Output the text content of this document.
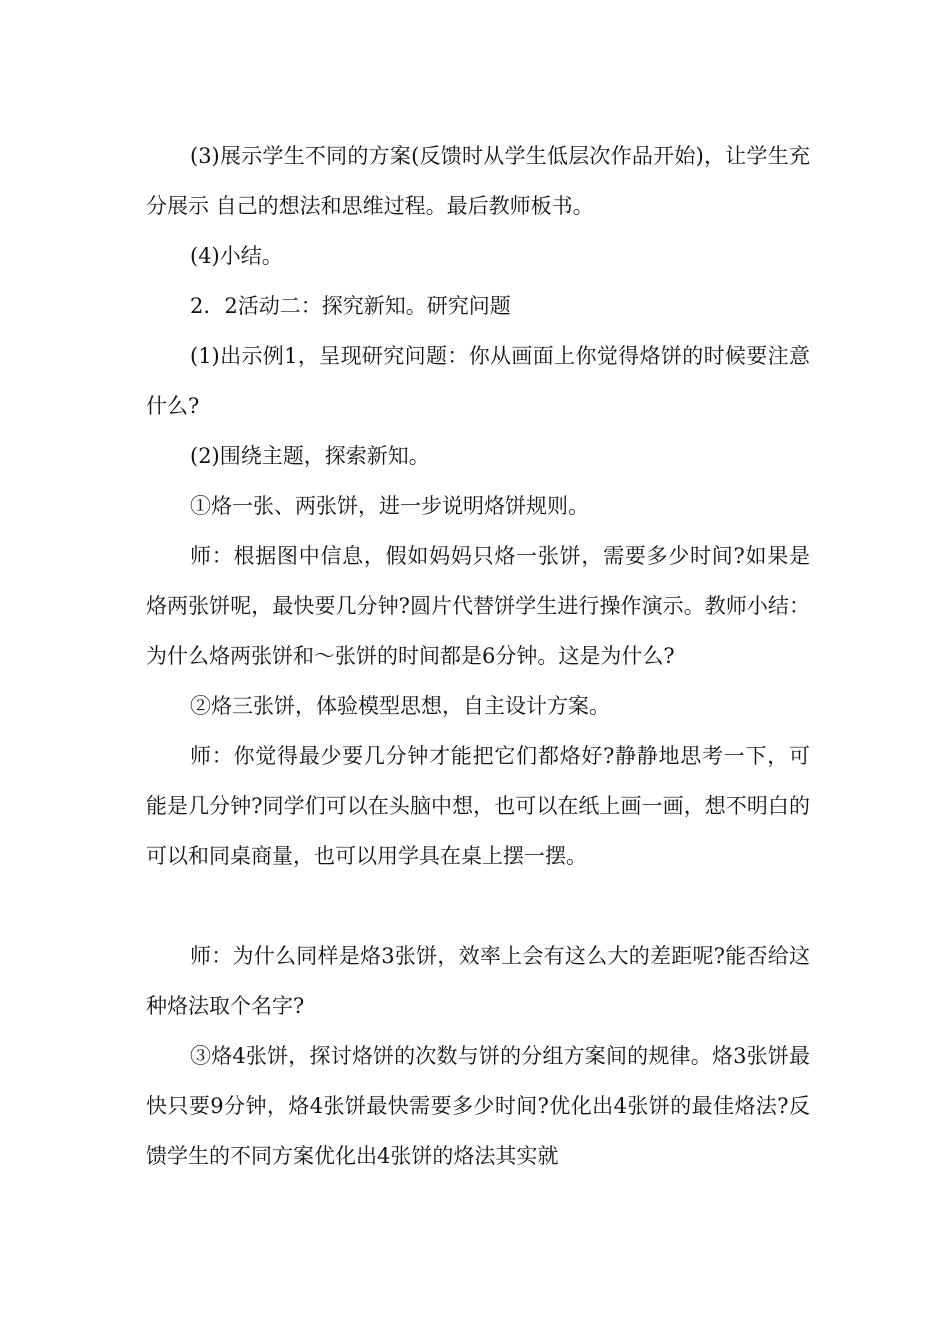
(3)展示学生不同的方案(反馈时从学生低层次作品开始)，让学生充分展示 自己的想法和思维过程。最后教师板书。

(4)小结。

2．2活动二：探究新知。研究问题

(1)出示例1，呈现研究问题：你从画面上你觉得烙饼的时候要注意什么?

(2)围绕主题，探索新知。

①烙一张、两张饼，进一步说明烙饼规则。

师：根据图中信息，假如妈妈只烙一张饼，需要多少时间?如果是烙两张饼呢，最快要几分钟?圆片代替饼学生进行操作演示。教师小结：为什么烙两张饼和～张饼的时间都是6分钟。这是为什么?

②烙三张饼，体验模型思想，自主设计方案。

师：你觉得最少要几分钟才能把它们都烙好?静静地思考一下，可能是几分钟?同学们可以在头脑中想，也可以在纸上画一画，想不明白的可以和同桌商量，也可以用学具在桌上摆一摆。

师：为什么同样是烙3张饼，效率上会有这么大的差距呢?能否给这种烙法取个名字?

③烙4张饼，探讨烙饼的次数与饼的分组方案间的规律。烙3张饼最快只要9分钟，烙4张饼最快需要多少时间?优化出4张饼的最佳烙法?反馈学生的不同方案优化出4张饼的烙法其实就
